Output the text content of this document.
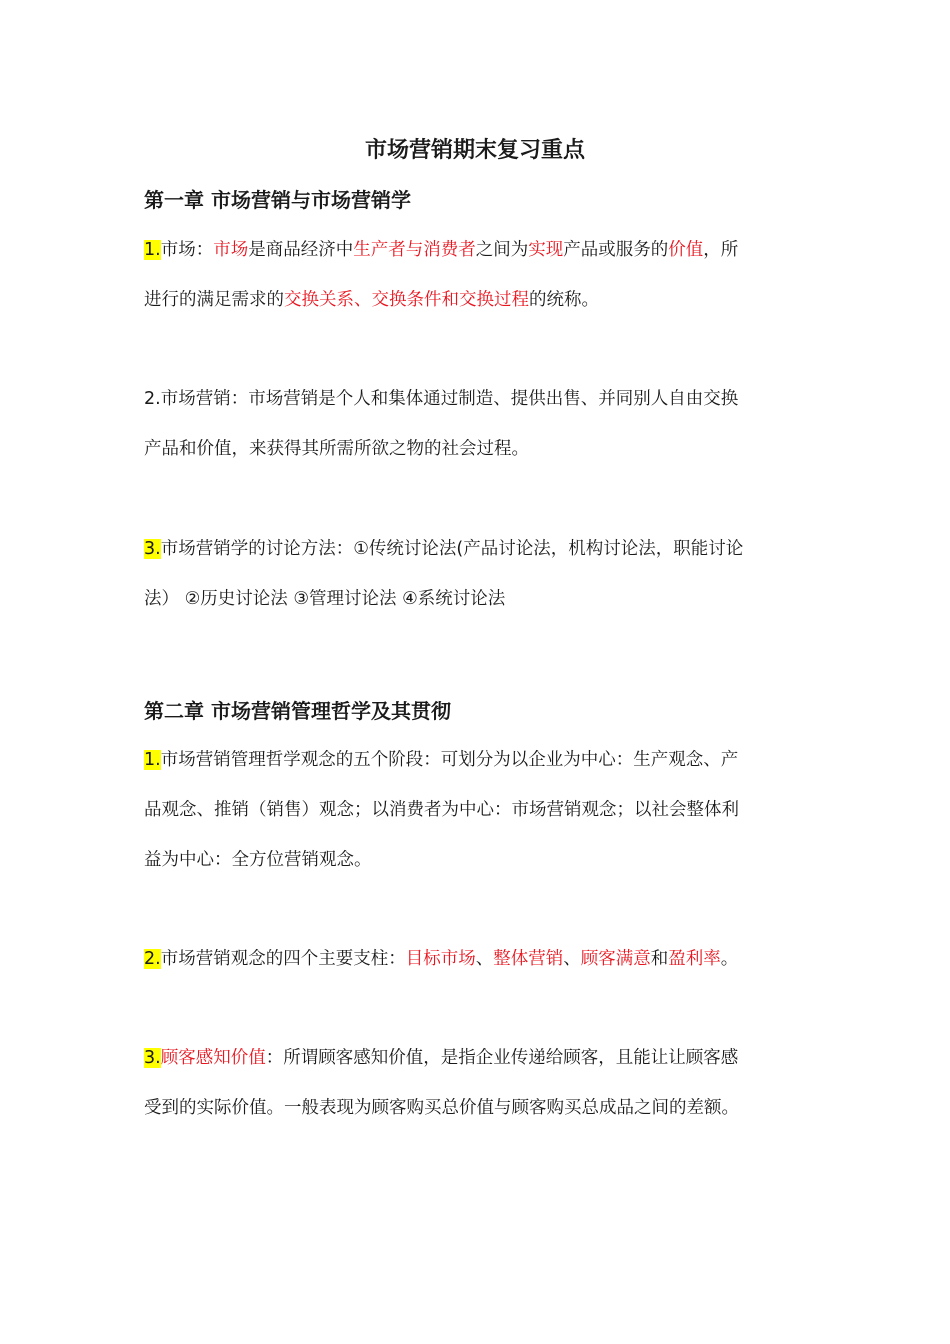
市场营销期末复习重点
第一章 市场营销与市场营销学
1.市场：市场是商品经济中生产者与消费者之间为实现产品或服务的价值，所
进行的满足需求的交换关系、交换条件和交换过程的统称。
2.市场营销：市场营销是个人和集体通过制造、提供出售、并同别人自由交换
产品和价值，来获得其所需所欲之物的社会过程。
3.市场营销学的讨论方法：①传统讨论法(产品讨论法，机构讨论法，职能讨论
法） ②历史讨论法 ③管理讨论法 ④系统讨论法
第二章 市场营销管理哲学及其贯彻
1.市场营销管理哲学观念的五个阶段：可划分为以企业为中心：生产观念、产
品观念、推销（销售）观念；以消费者为中心：市场营销观念；以社会整体利
益为中心：全方位营销观念。
2.市场营销观念的四个主要支柱：目标市场、整体营销、顾客满意和盈利率。
3.顾客感知价值：所谓顾客感知价值，是指企业传递给顾客，且能让让顾客感
受到的实际价值。一般表现为顾客购买总价值与顾客购买总成品之间的差额。
